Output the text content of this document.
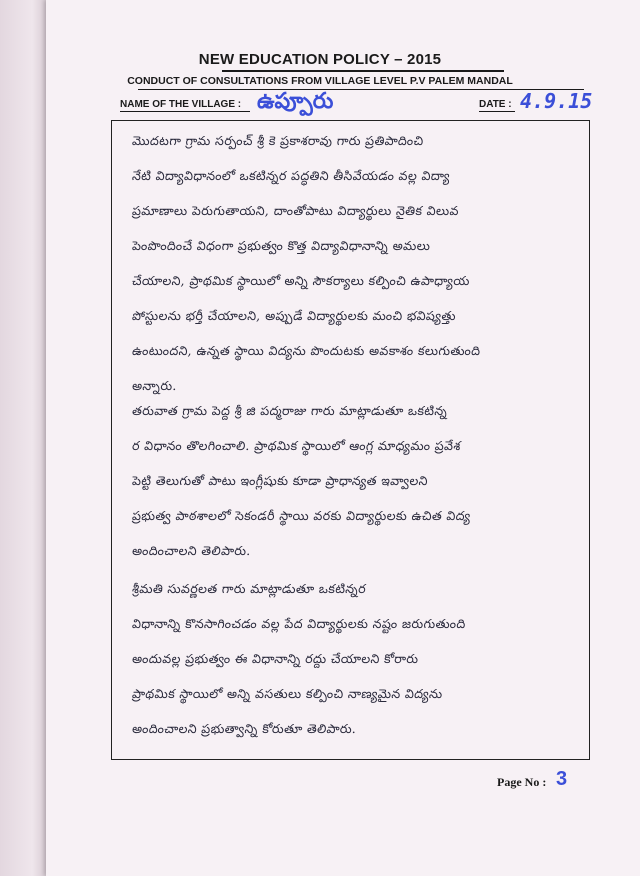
NEW EDUCATION POLICY – 2015
CONDUCT OF CONSULTATIONS FROM VILLAGE LEVEL P.V PALEM MANDAL
NAME OF THE VILLAGE : ఉప్పూరు	DATE : 4.9.15
మొదటగా గ్రామ సర్పంచ్ శ్రీ కె ప్రకాశరావు గారు ప్రతిపాదించి
నేటి విద్యావిధానంలో ఒకటిన్నర పద్ధతిని తీసివేయడం వల్ల విద్యా
ప్రమాణాలు పెరుగుతాయని, దాంతోపాటు విద్యార్థులు నైతిక విలువ
పెంపొందించే విధంగా ప్రభుత్వం కొత్త విద్యావిధానాన్ని అమలు
చేయాలని, ప్రాథమిక స్థాయిలో అన్ని సౌకర్యాలు కల్పించి ఉపాధ్యాయ
పోస్టులను భర్తీ చేయాలని, అప్పుడే విద్యార్థులకు మంచి భవిష్యత్తు
ఉంటుందని, ఉన్నత స్థాయి విద్యను పొందుటకు అవకాశం కలుగుతుంది
అన్నారు.
తరువాత గ్రామ పెద్ద శ్రీ జి పద్మరాజు గారు మాట్లాడుతూ ఒకటిన్న
ర విధానం తొలగించాలి. ప్రాథమిక స్థాయిలో ఆంగ్ల మాధ్యమం ప్రవేశ
పెట్టి తెలుగుతో పాటు ఇంగ్లీషుకు కూడా ప్రాధాన్యత ఇవ్వాలని
ప్రభుత్వ పాఠశాలలో సెకండరీ స్థాయి వరకు విద్యార్థులకు ఉచిత విద్య
అందించాలని తెలిపారు.
శ్రీమతి సువర్ణలత గారు మాట్లాడుతూ ఒకటిన్నర
విధానాన్ని కొనసాగించడం వల్ల పేద విద్యార్థులకు నష్టం జరుగుతుంది
అందువల్ల ప్రభుత్వం ఈ విధానాన్ని రద్దు చేయాలని కోరారు
ప్రాథమిక స్థాయిలో అన్ని వసతులు కల్పించి నాణ్యమైన విద్యను
అందించాలని ప్రభుత్వాన్ని కోరుతూ తెలిపారు.
Page No : 3
